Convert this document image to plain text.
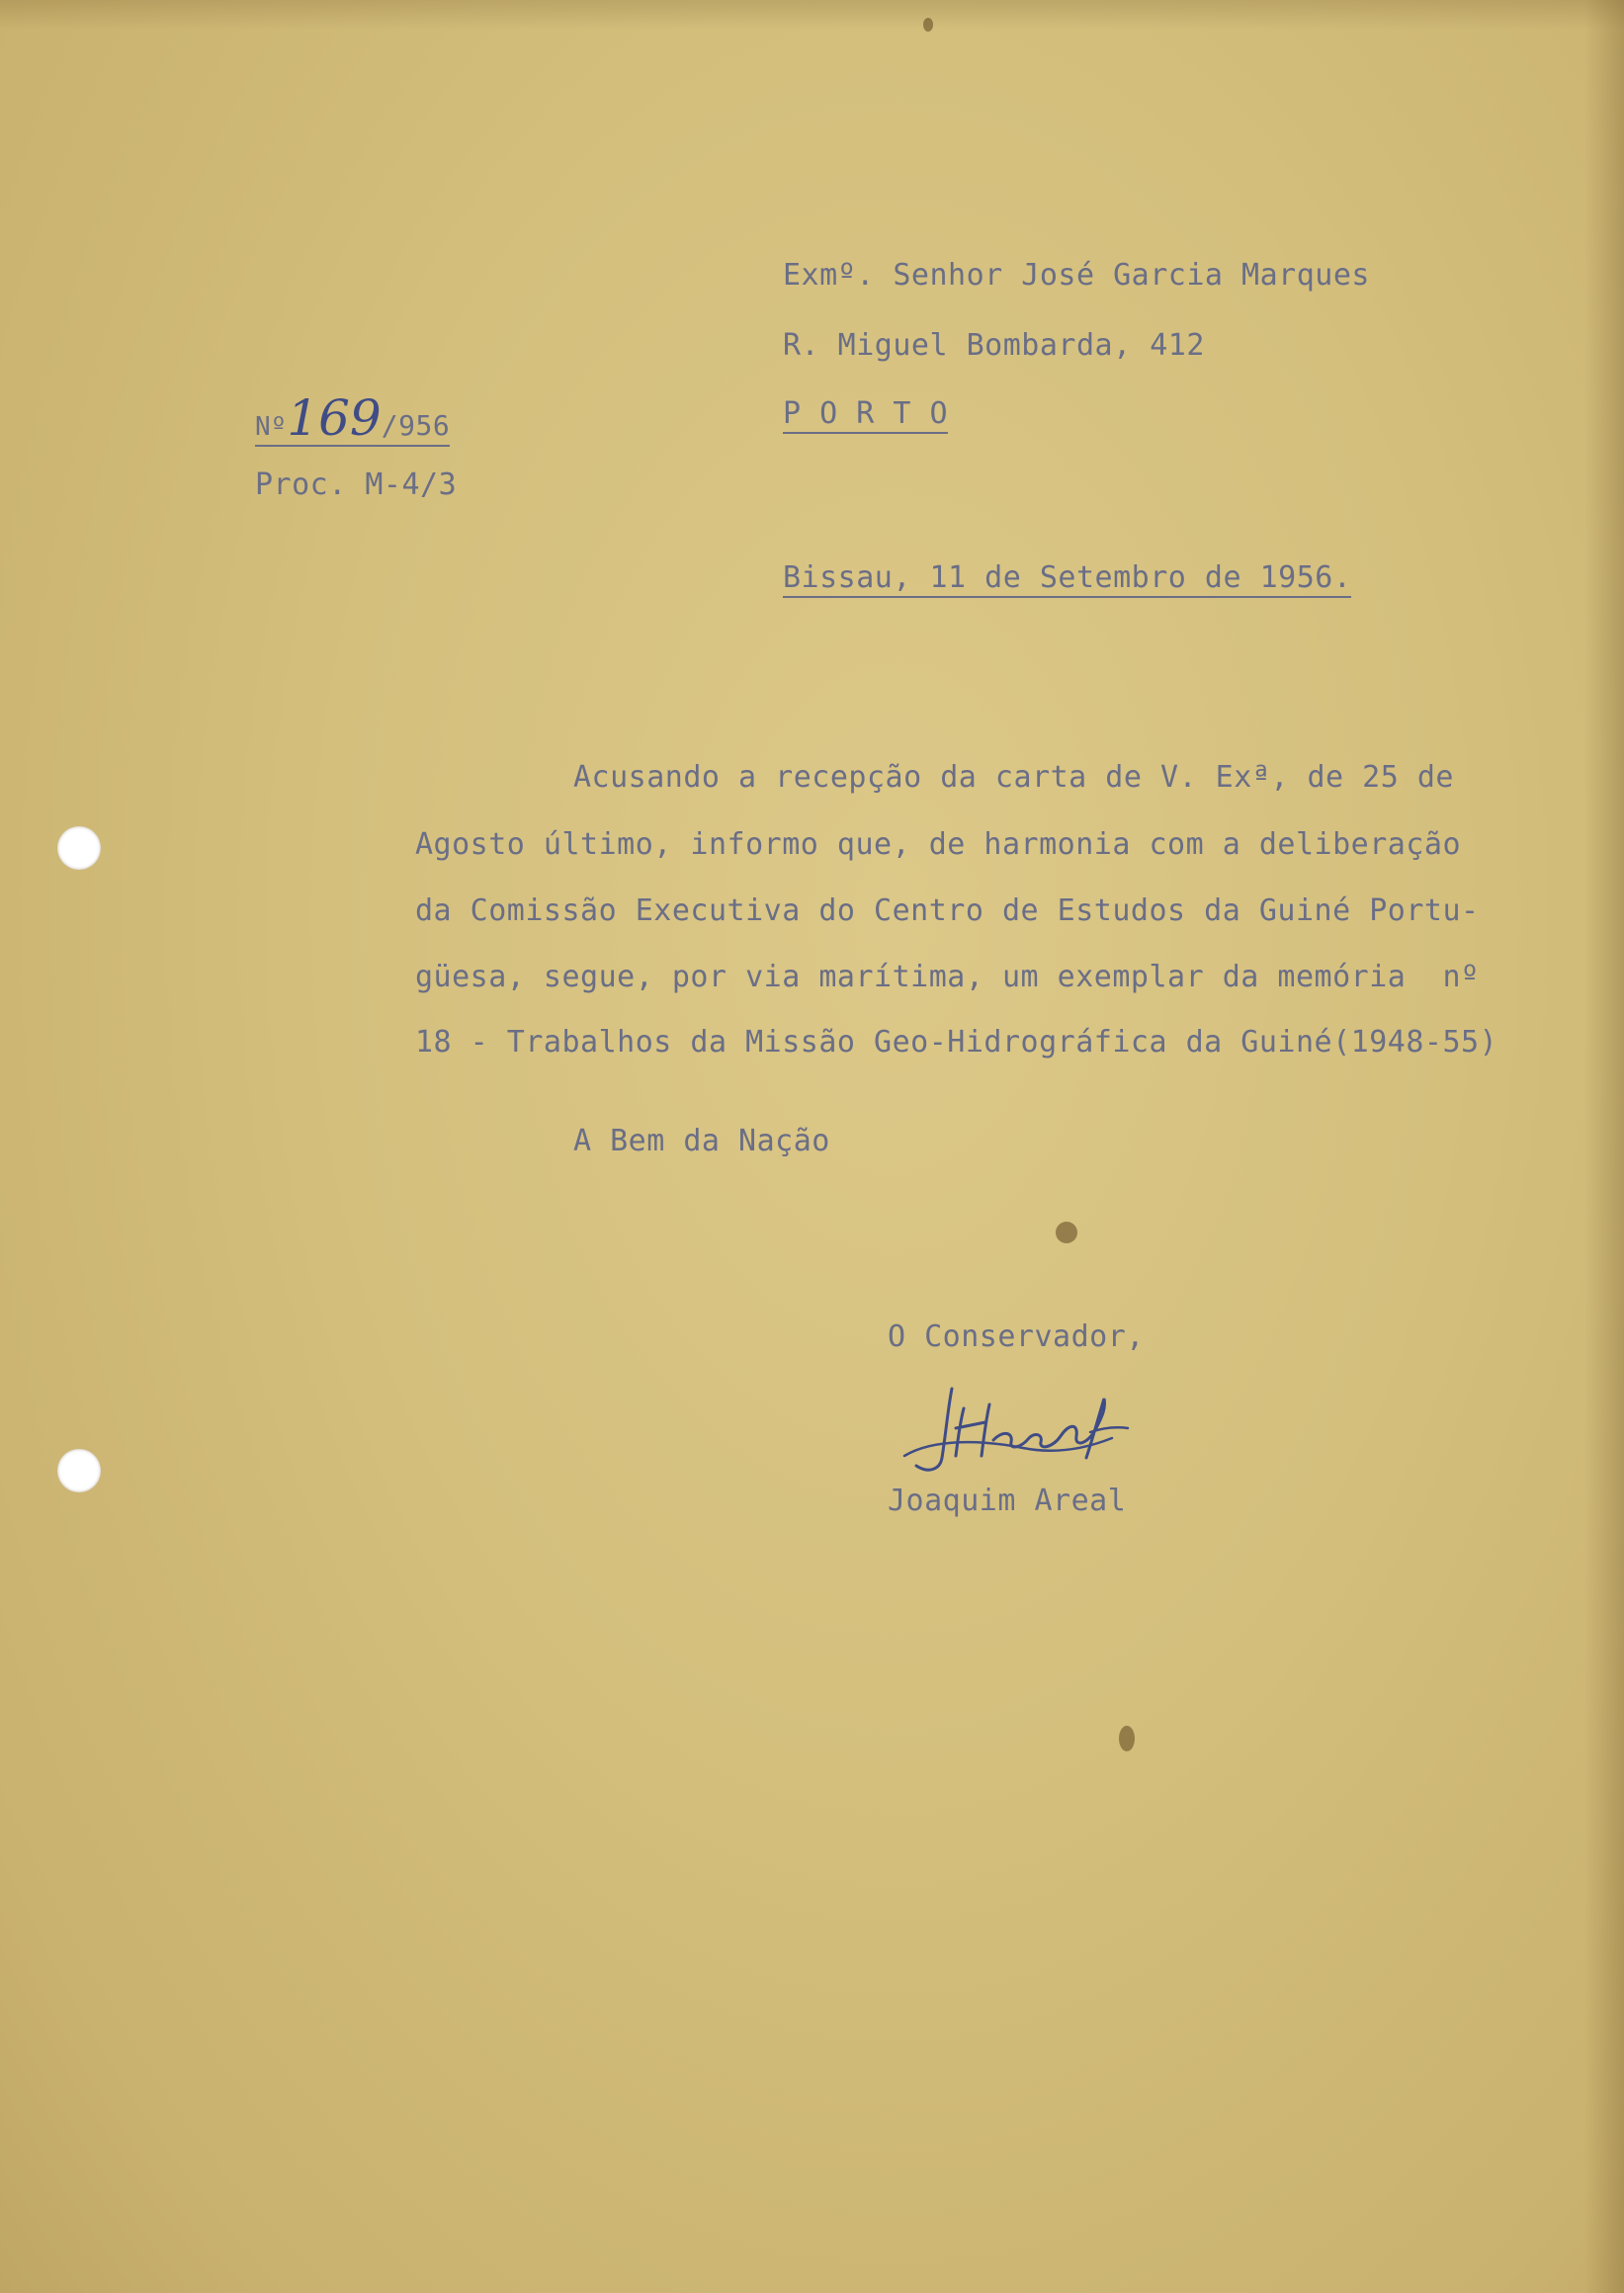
Exmº. Senhor José Garcia Marques
R. Miguel Bombarda, 412
P O R T O
Nº169/956
Proc. M-4/3
Bissau, 11 de Setembro de 1956.
Acusando a recepção da carta de V. Exª, de 25 de
Agosto último, informo que, de harmonia com a deliberação
da Comissão Executiva do Centro de Estudos da Guiné Portu-
güesa, segue, por via marítima, um exemplar da memória  nº
18 - Trabalhos da Missão Geo-Hidrográfica da Guiné(1948-55)
A Bem da Nação
O Conservador,
Joaquim Areal
